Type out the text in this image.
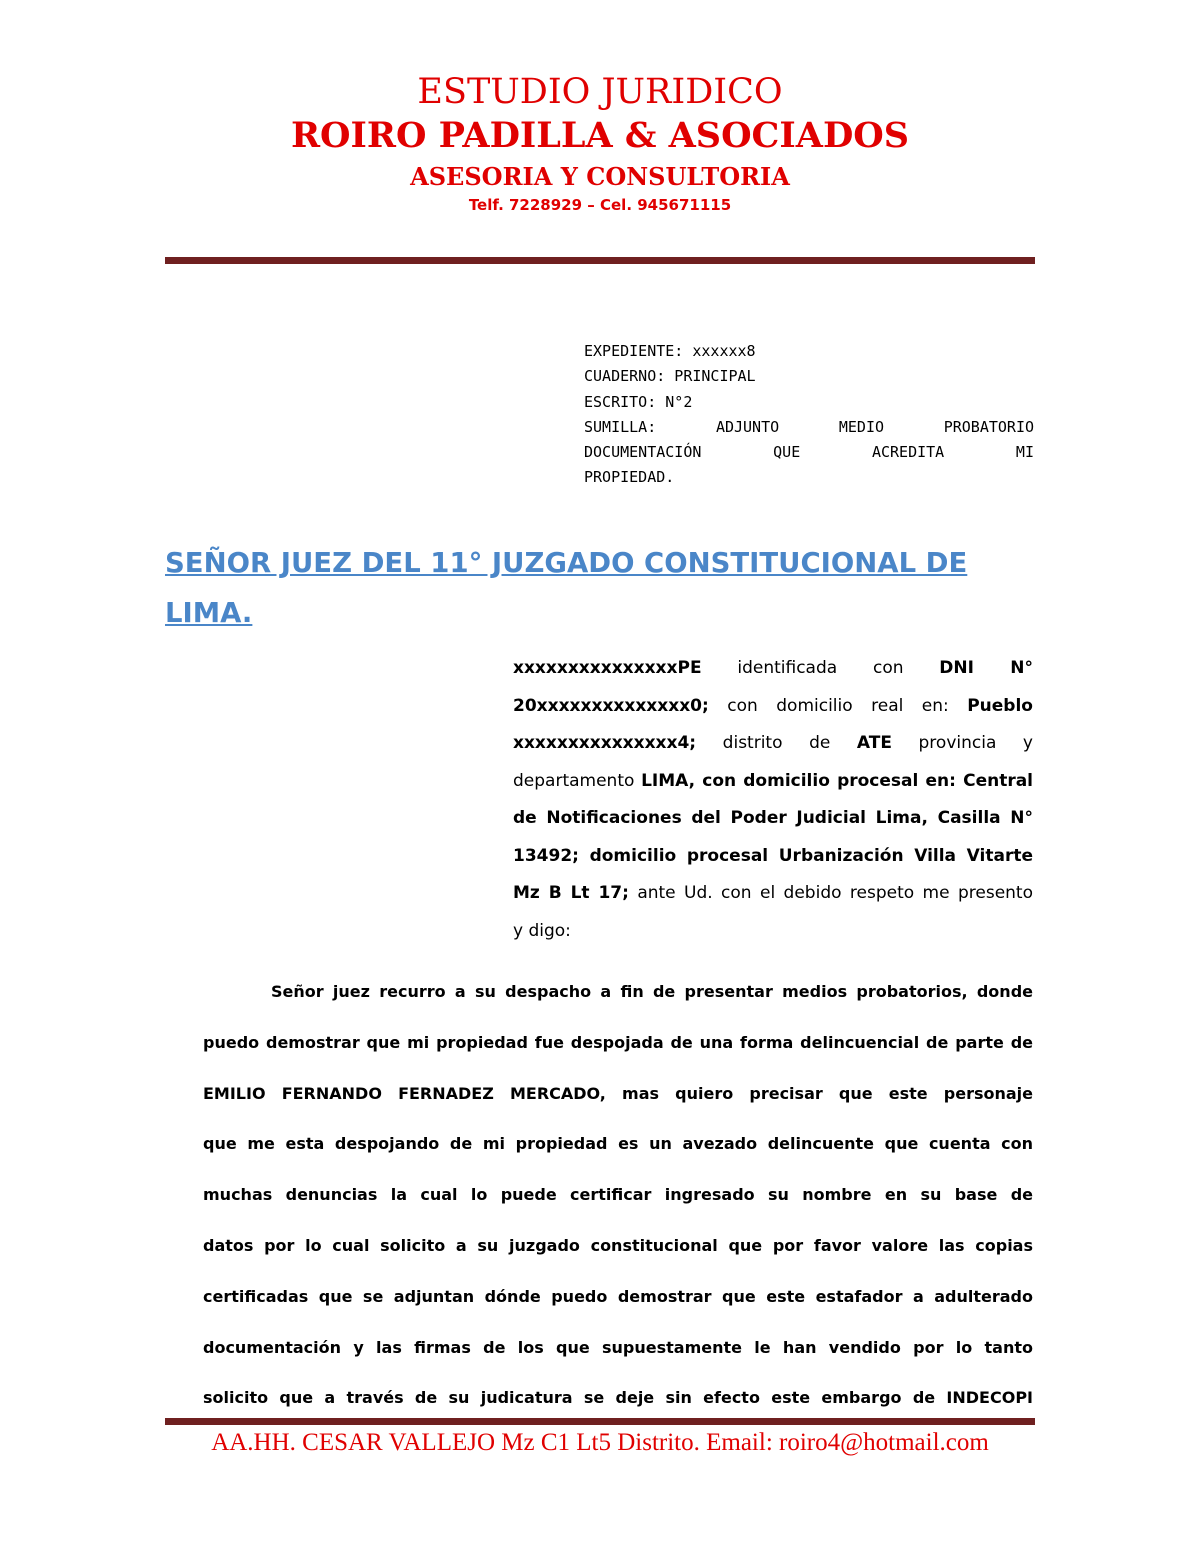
ESTUDIO JURIDICO
ROIRO PADILLA & ASOCIADOS
ASESORIA Y CONSULTORIA
Telf. 7228929 – Cel. 945671115
EXPEDIENTE: xxxxxx8
CUADERNO: PRINCIPAL
ESCRITO: N°2
SUMILLA: ADJUNTO MEDIO PROBATORIO
DOCUMENTACIÓN QUE ACREDITA MI
PROPIEDAD.
SEÑOR JUEZ DEL 11° JUZGADO CONSTITUCIONAL DE LIMA.
xxxxxxxxxxxxxxxPE identificada con DNI N°
20xxxxxxxxxxxxxx0; con domicilio real en: Pueblo
xxxxxxxxxxxxxxx4; distrito de ATE provincia y
departamento LIMA, con domicilio procesal en: Central
de Notificaciones del Poder Judicial Lima, Casilla N°
13492; domicilio procesal Urbanización Villa Vitarte
Mz B Lt 17; ante Ud. con el debido respeto me presento
y digo:
Señor juez recurro a su despacho a fin de presentar medios probatorios, donde
puedo demostrar que mi propiedad fue despojada de una forma delincuencial de parte de
EMILIO FERNANDO FERNADEZ MERCADO, mas quiero precisar que este personaje
que me esta despojando de mi propiedad es un avezado delincuente que cuenta con
muchas denuncias la cual lo puede certificar ingresado su nombre en su base de
datos por lo cual solicito a su juzgado constitucional que por favor valore las copias
certificadas que se adjuntan dónde puedo demostrar que este estafador a adulterado
documentación y las firmas de los que supuestamente le han vendido por lo tanto
solicito que a través de su judicatura se deje sin efecto este embargo de INDECOPI
AA.HH. CESAR VALLEJO Mz C1 Lt5 Distrito. Email: roiro4@hotmail.com
